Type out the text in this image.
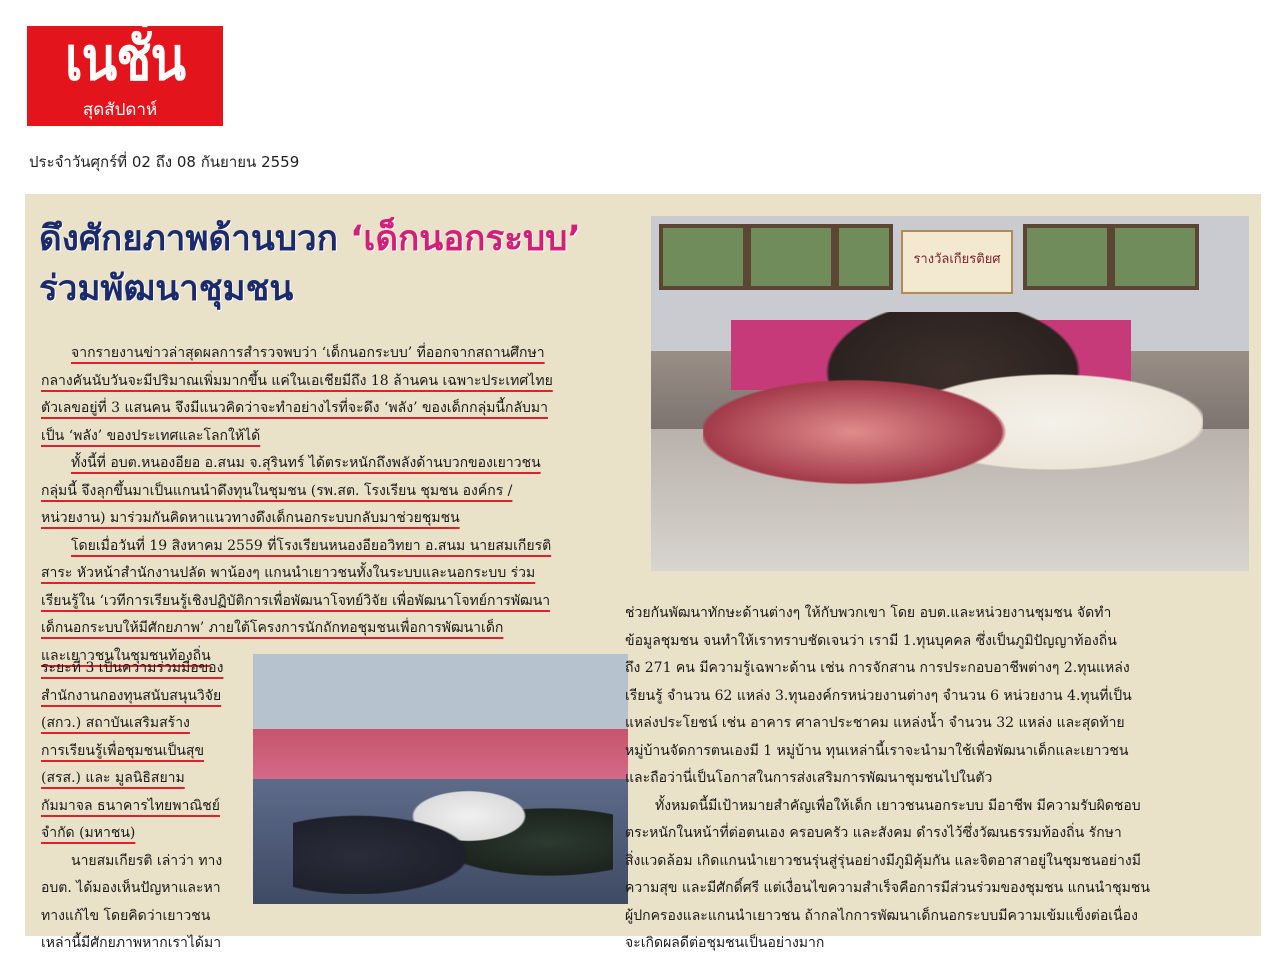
เนชั่น
สุดสัปดาห์
ประจำวันศุกร์ที่ 02 ถึง 08 กันยายน 2559
ดึงศักยภาพด้านบวก ‘เด็กนอกระบบ’
ร่วมพัฒนาชุมชน
รางวัลเกียรติยศ

จากรายงานข่าวล่าสุดผลการสำรวจพบว่า ‘เด็กนอกระบบ’ ที่ออกจากสถานศึกษา

กลางคันนับวันจะมีปริมาณเพิ่มมากขึ้น แค่ในเอเชียมีถึง 18 ล้านคน เฉพาะประเทศไทย

ตัวเลขอยู่ที่ 3 แสนคน จึงมีแนวคิดว่าจะทำอย่างไรที่จะดึง ‘พลัง’ ของเด็กกลุ่มนี้กลับมา

เป็น ‘พลัง’ ของประเทศและโลกให้ได้

ทั้งนี้ที่ อบต.หนองอียอ อ.สนม จ.สุรินทร์ ได้ตระหนักถึงพลังด้านบวกของเยาวชน

กลุ่มนี้ จึงลุกขึ้นมาเป็นแกนนำดึงทุนในชุมชน (รพ.สต. โรงเรียน ชุมชน องค์กร /

หน่วยงาน) มาร่วมกันคิดหาแนวทางดึงเด็กนอกระบบกลับมาช่วยชุมชน

โดยเมื่อวันที่ 19 สิงหาคม 2559 ที่โรงเรียนหนองอียอวิทยา อ.สนม นายสมเกียรติ

สาระ หัวหน้าสำนักงานปลัด พาน้องๆ แกนนำเยาวชนทั้งในระบบและนอกระบบ ร่วม

เรียนรู้ใน ‘เวทีการเรียนรู้เชิงปฏิบัติการเพื่อพัฒนาโจทย์วิจัย เพื่อพัฒนาโจทย์การพัฒนา

เด็กนอกระบบให้มีศักยภาพ’ ภายใต้โครงการนักถักทอชุมชนเพื่อการพัฒนาเด็ก

และเยาวชนในชุมชนท้องถิ่น

ระยะที่ 3 เป็นความร่วมมือของ

สำนักงานกองทุนสนับสนุนวิจัย

(สกว.) สถาบันเสริมสร้าง

การเรียนรู้เพื่อชุมชนเป็นสุข

(สรส.) และ มูลนิธิสยาม

กัมมาจล ธนาคารไทยพาณิชย์

จำกัด (มหาชน)

นายสมเกียรติ เล่าว่า ทาง

อบต. ได้มองเห็นปัญหาและหา

ทางแก้ไข โดยคิดว่าเยาวชน

เหล่านี้มีศักยภาพหากเราได้มา

ช่วยกันพัฒนาทักษะด้านต่างๆ ให้กับพวกเขา โดย อบต.และหน่วยงานชุมชน จัดทำ

ข้อมูลชุมชน จนทำให้เราทราบชัดเจนว่า เรามี 1.ทุนบุคคล ซึ่งเป็นภูมิปัญญาท้องถิ่น

ถึง 271 คน มีความรู้เฉพาะด้าน เช่น การจักสาน การประกอบอาชีพต่างๆ 2.ทุนแหล่ง

เรียนรู้ จำนวน 62 แหล่ง 3.ทุนองค์กรหน่วยงานต่างๆ จำนวน 6 หน่วยงาน 4.ทุนที่เป็น

แหล่งประโยชน์ เช่น อาคาร ศาลาประชาคม แหล่งน้ำ จำนวน 32 แหล่ง และสุดท้าย

หมู่บ้านจัดการตนเองมี 1 หมู่บ้าน ทุนเหล่านี้เราจะนำมาใช้เพื่อพัฒนาเด็กและเยาวชน

และถือว่านี่เป็นโอกาสในการส่งเสริมการพัฒนาชุมชนไปในตัว

ทั้งหมดนี้มีเป้าหมายสำคัญเพื่อให้เด็ก เยาวชนนอกระบบ มีอาชีพ มีความรับผิดชอบ

ตระหนักในหน้าที่ต่อตนเอง ครอบครัว และสังคม ดำรงไว้ซึ่งวัฒนธรรมท้องถิ่น รักษา

สิ่งแวดล้อม เกิดแกนนำเยาวชนรุ่นสู่รุ่นอย่างมีภูมิคุ้มกัน และจิตอาสาอยู่ในชุมชนอย่างมี

ความสุข และมีศักดิ์ศรี แต่เงื่อนไขความสำเร็จคือการมีส่วนร่วมของชุมชน แกนนำชุมชน

ผู้ปกครองและแกนนำเยาวชน ถ้ากลไกการพัฒนาเด็กนอกระบบมีความเข้มแข็งต่อเนื่อง

จะเกิดผลดีต่อชุมชนเป็นอย่างมาก
